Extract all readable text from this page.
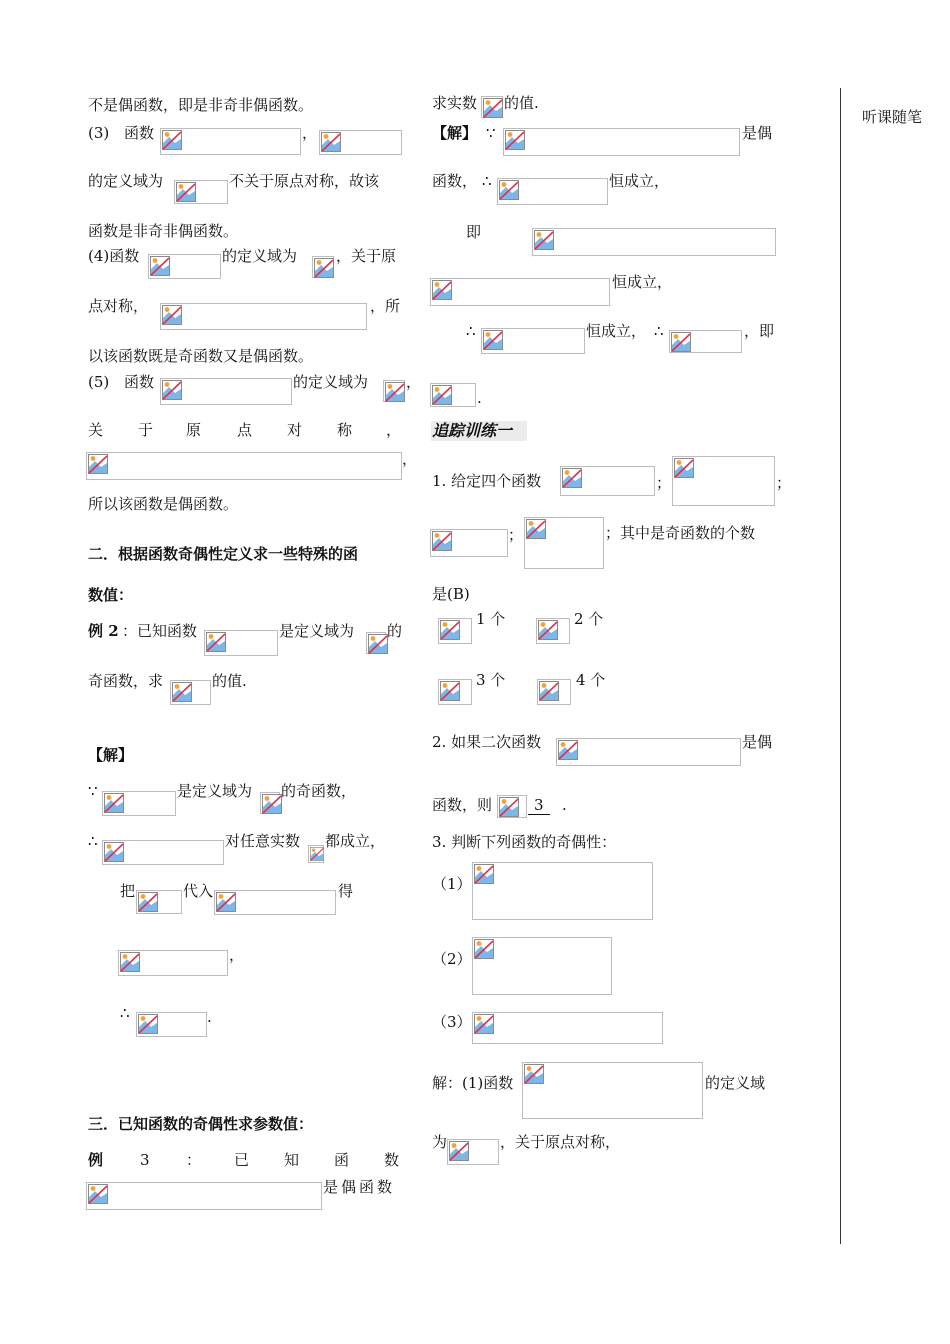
听课随笔
不是偶函数，即是非奇非偶函数。
(3) 函数	，
的定义域为	不关于原点对称，故该
函数是非奇非偶函数。
(4)函数	的定义域为	，关于原
点对称，	，所
以该函数既是奇函数又是偶函数。
(5) 函数	的定义域为	，
关 于 原 点 对 称 ，
，
所以该函数是偶函数。
二．根据函数奇偶性定义求一些特殊的函
数值：
例 2 ：已知函数	是定义域为 的
奇函数，求	的值.
【解】
∵	是定义域为 的奇函数，
∴	对任意实数 都成立，
把	代入	得
，
∴	.
三．已知函数的奇偶性求参数值：
例 3 ： 已 知 函 数
是偶函数
求实数 的值.
【解】 ∵	是偶
函数， ∴	恒成立，
即
恒成立，
∴	恒成立， ∴	，即
.
追踪训练一
1. 给定四个函数	；	；
；	；其中是奇函数的个数
是(B)
1 个	2 个
3 个	4 个
2. 如果二次函数	是偶
函数，则	3	.
3. 判断下列函数的奇偶性：
（1）
（2）
（3）
解：(1)函数	的定义域
为	，关于原点对称，
